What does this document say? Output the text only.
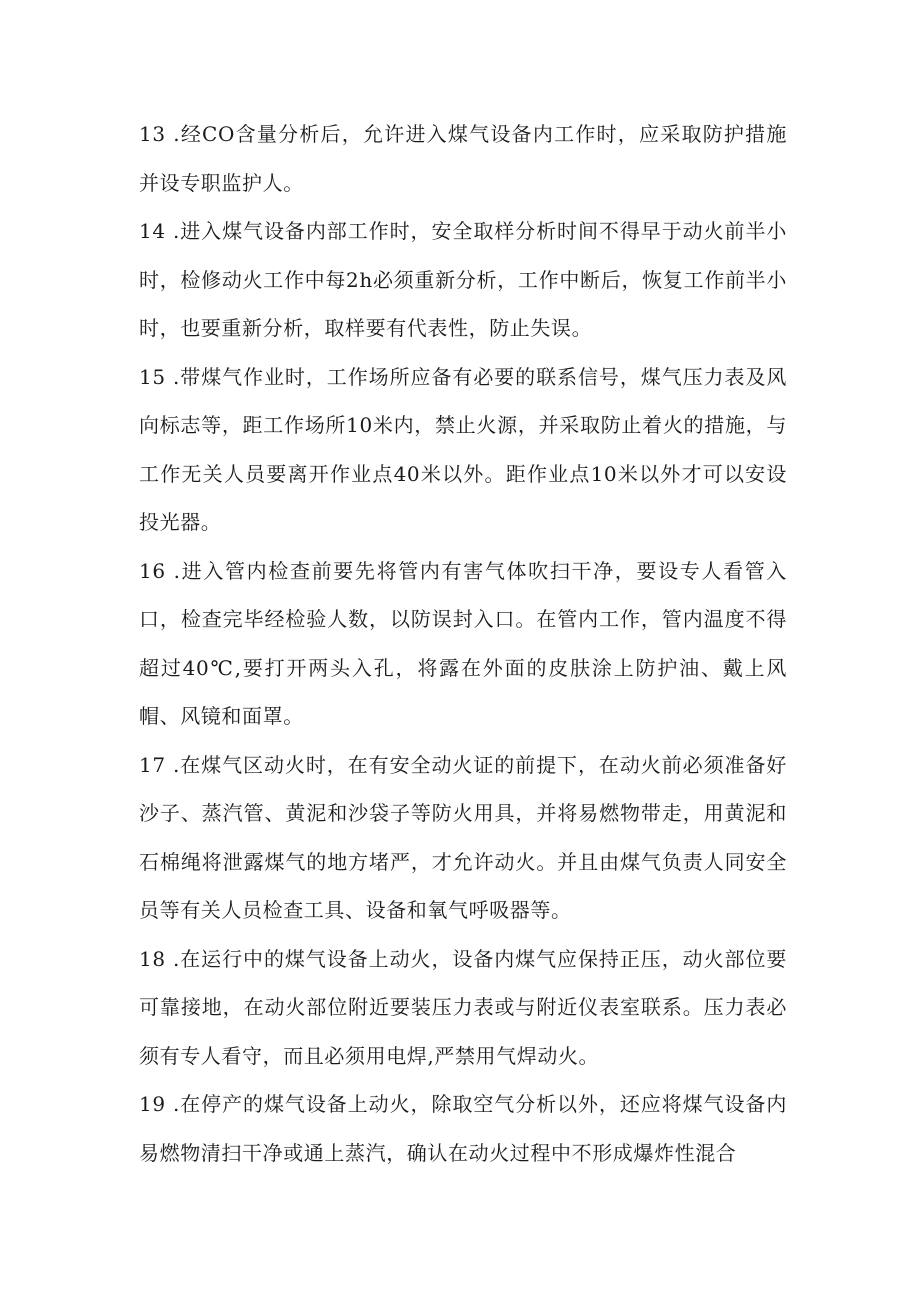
13 .经CO含量分析后，允许进入煤气设备内工作时，应采取防护措施并设专职监护人。

14 .进入煤气设备内部工作时，安全取样分析时间不得早于动火前半小时，检修动火工作中每2h必须重新分析，工作中断后，恢复工作前半小时，也要重新分析，取样要有代表性，防止失误。

15 .带煤气作业时，工作场所应备有必要的联系信号，煤气压力表及风向标志等，距工作场所10米内，禁止火源，并采取防止着火的措施，与工作无关人员要离开作业点40米以外。距作业点10米以外才可以安设投光器。

16 .进入管内检查前要先将管内有害气体吹扫干净，要设专人看管入口，检查完毕经检验人数，以防误封入口。在管内工作，管内温度不得超过40℃,要打开两头入孔，将露在外面的皮肤涂上防护油、戴上风帽、风镜和面罩。

17 .在煤气区动火时，在有安全动火证的前提下，在动火前必须准备好沙子、蒸汽管、黄泥和沙袋子等防火用具，并将易燃物带走，用黄泥和石棉绳将泄露煤气的地方堵严，才允许动火。并且由煤气负责人同安全员等有关人员检查工具、设备和氧气呼吸器等。

18 .在运行中的煤气设备上动火，设备内煤气应保持正压，动火部位要可靠接地，在动火部位附近要装压力表或与附近仪表室联系。压力表必须有专人看守，而且必须用电焊,严禁用气焊动火。

19 .在停产的煤气设备上动火，除取空气分析以外，还应将煤气设备内易燃物清扫干净或通上蒸汽，确认在动火过程中不形成爆炸性混合
